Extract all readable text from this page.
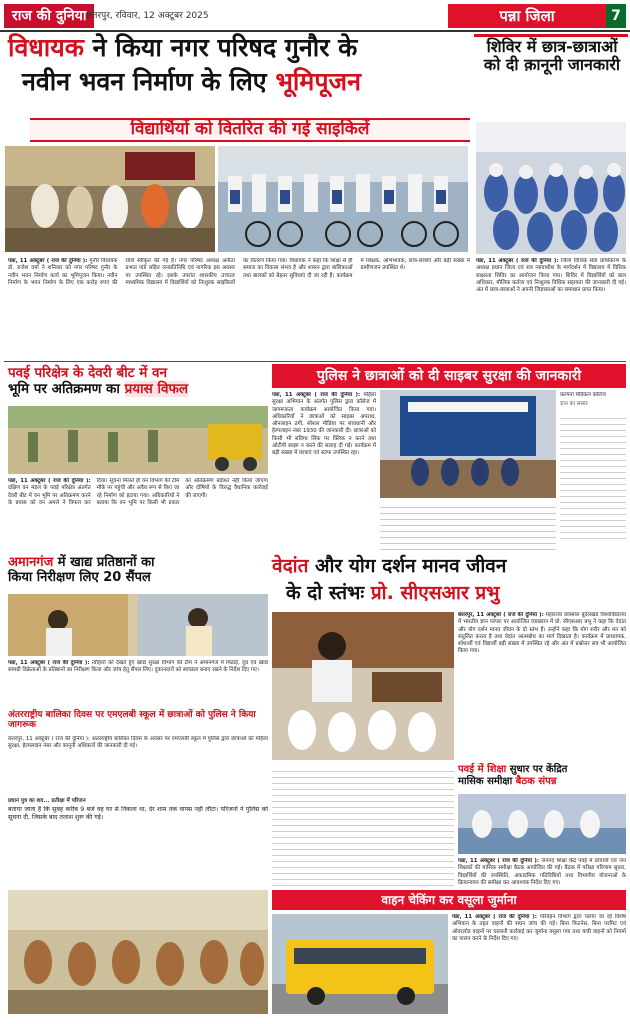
राज की दुनिया छतरपुर, रविवार, 12 अक्टूबर 2025	पन्ना जिला	7
विधायक ने किया नगर परिषद गुनौर के
नवीन भवन निर्माण के लिए भूमिपूजन
विद्यार्थियों को वितरित की गई साइकिलें
शिविर में छात्र-छात्राओं को दी क़ानूनी जानकारी
पन्ना, 11 अक्टूबर ( राज की दुनिया ): जिला विधिक सेवा प्राधिकरण के अध्यक्ष प्रधान जिला एवं सत्र न्यायाधीश के मार्गदर्शन में विद्यालय में विधिक साक्षरता शिविर का आयोजन किया गया। शिविर में विद्यार्थियों को बाल अधिकार, मौलिक कर्तव्य एवं निःशुल्क विधिक सहायता की जानकारी दी गई। अंत में छात्र-छात्राओं ने अपनी जिज्ञासाओं का समाधान प्राप्त किया।
पन्ना, 11 अक्टूबर ( राज की दुनिया ): गुनौर विधायक डॉ. राजेश वर्मा ने शनिवार को नगर परिषद गुनौर के नवीन भवन निर्माण कार्य का भूमिपूजन किया। नवीन निर्माण के भवन निर्माण के लिए एक करोड़ रुपए की राशि स्वीकृत की गई है। नगर परिषद अध्यक्ष अनीता प्रभात पांडे सहित जनप्रतिनिधि एवं नागरिक इस अवसर पर उपस्थित रहे। इसके उपरांत शासकीय उच्चतर माध्यमिक विद्यालय में विद्यार्थियों को निःशुल्क साइकिलों का वितरण किया गया। विधायक ने कहा कि शिक्षा से ही समाज का विकास संभव है और शासन द्वारा बालिकाओं तथा बालकों को बेहतर सुविधाएं दी जा रही हैं। कार्यक्रम में शिक्षक, अभिभावक, छात्र-छात्राएं और बड़ी संख्या में ग्रामीणजन उपस्थित थे।
पवई परिक्षेत्र के देवरी बीट में वन
भूमि पर अतिक्रमण का प्रयास विफल
पन्ना, 11 अक्टूबर ( राज की दुनिया ): दक्षिण वन मंडल के पवई परिक्षेत्र अंतर्गत देवरी बीट में वन भूमि पर अतिक्रमण करने के प्रयास को वन अमले ने विफल कर दिया। सूचना मिलते ही वन विभाग की टीम मौके पर पहुंची और अवैध रूप से किए जा रहे निर्माण को हटाया गया। अधिकारियों ने बताया कि वन भूमि पर किसी भी प्रकार का अतिक्रमण बर्दाश्त नहीं किया जाएगा और दोषियों के विरुद्ध वैधानिक कार्रवाई की जाएगी।
पुलिस ने छात्राओं को दी साइबर सुरक्षा की जानकारी
पन्ना, 11 अक्टूबर ( राज की दुनिया ): महिला सुरक्षा अभियान के अंतर्गत पुलिस द्वारा कॉलेज में जागरूकता कार्यक्रम आयोजित किया गया। अधिकारियों ने छात्राओं को साइबर अपराध, ऑनलाइन ठगी, सोशल मीडिया पर सावधानी और हेल्पलाइन नंबर 1930 की जानकारी दी। छात्राओं को किसी भी संदिग्ध लिंक पर क्लिक न करने तथा ओटीपी साझा न करने की सलाह दी गई। कार्यक्रम में बड़ी संख्या में छात्राएं एवं स्टाफ उपस्थित रहा।
अमानगंज में खाद्य प्रतिष्ठानों का
किया निरीक्षण लिए 20 सैंपल
पन्ना, 11 अक्टूबर ( राज की दुनिया ): त्यौहारों को देखते हुए खाद्य सुरक्षा विभाग की टीम ने अमानगंज में मिठाई, दूध एवं खाद्य सामग्री विक्रेताओं के प्रतिष्ठानों का निरीक्षण किया और जांच हेतु सैंपल लिए। दुकानदारों को स्वच्छता बनाए रखने के निर्देश दिए गए।
अंतरराष्ट्रीय बालिका दिवस पर एमएलबी स्कूल में छात्राओं को पुलिस ने किया जागरूक
छतरपुर, 11 अक्टूबर ( राज की दुनिया ): अंतरराष्ट्रीय बालिका दिवस के अवसर पर एमएलबी स्कूल में पुलिस द्वारा छात्राओं को महिला सुरक्षा, हेल्पलाइन नंबर और कानूनी अधिकारों की जानकारी दी गई।
प्रधान पुत्र का शव... प्रतीक्षा में परिजन
बताया जाता है कि सुबह करीब 9 बजे वह घर से निकला था, देर शाम तक वापस नहीं लौटा। परिजनों ने पुलिस को सूचना दी, जिसके बाद तलाश शुरू की गई।
वेदांत और योग दर्शन मानव जीवन
के दो स्तंभः प्रो. सीएसआर प्रभु
छतरपुर, 11 अक्टूबर ( राज की दुनिया ): महाराजा छत्रसाल बुंदेलखंड विश्वविद्यालय में भारतीय ज्ञान परंपरा पर आयोजित व्याख्यान में प्रो. सीएसआर प्रभु ने कहा कि वेदांत और योग दर्शन मानव जीवन के दो स्तंभ हैं। उन्होंने कहा कि योग शरीर और मन को संतुलित करता है तथा वेदांत आत्मबोध का मार्ग दिखाता है। कार्यक्रम में प्राध्यापक, शोधार्थी एवं विद्यार्थी बड़ी संख्या में उपस्थित रहे और अंत में प्रश्नोत्तर सत्र भी आयोजित किया गया।
पवई में शिक्षा सुधार पर केंद्रित
मासिक समीक्षा बैठक संपन्न
पन्ना, 11 अक्टूबर ( राज की दुनिया ): जनपद शिक्षा केंद्र पवई में प्राचार्यों एवं जन शिक्षकों की मासिक समीक्षा बैठक आयोजित की गई। बैठक में परीक्षा परिणाम सुधार, विद्यार्थियों की उपस्थिति, अकादमिक गतिविधियों तथा विभागीय योजनाओं के क्रियान्वयन की समीक्षा कर आवश्यक निर्देश दिए गए।
वाहन चेकिंग कर वसूला जुर्माना
पन्ना, 11 अक्टूबर ( राज की दुनिया ): परिवहन विभाग द्वारा चलाए जा रहे विशेष अभियान के तहत वाहनों की सघन जांच की गई। बिना फिटनेस, बिना परमिट एवं ओवरलोड वाहनों पर चालानी कार्रवाई कर जुर्माना वसूला गया तथा यात्री वाहनों को नियमों का पालन करने के निर्देश दिए गए।
कल्पना मेडिकल कॉलेज
ज्ञान का संसार
